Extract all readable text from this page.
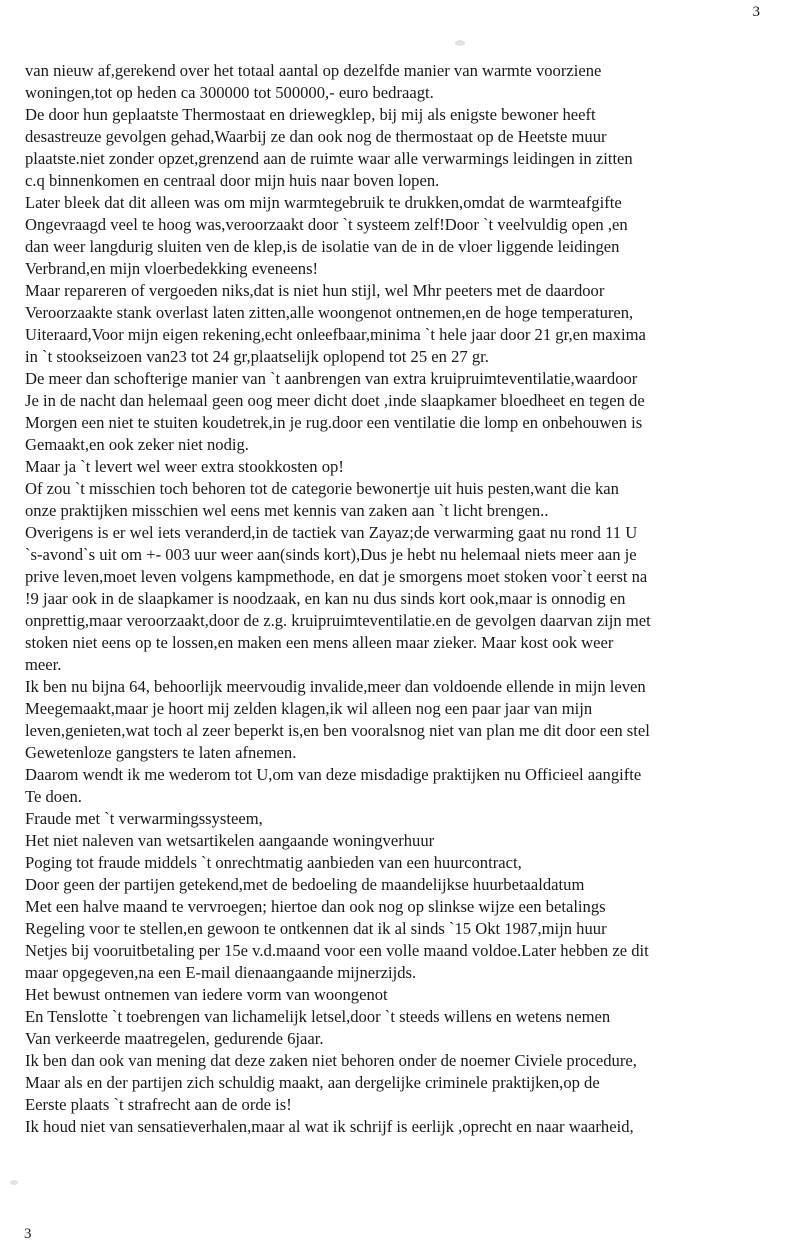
3

van nieuw af,gerekend over het totaal aantal op dezelfde manier van warmte voorziene
woningen,tot op heden ca 300000 tot 500000,- euro bedraagt.
De door hun geplaatste Thermostaat en driewegklep, bij mij als enigste bewoner heeft
desastreuze gevolgen gehad,Waarbij ze dan ook nog de thermostaat op de Heetste muur
plaatste.niet zonder opzet,grenzend aan de ruimte waar alle verwarmings leidingen in zitten
c.q binnenkomen en centraal door mijn huis naar boven lopen.
Later bleek dat dit alleen was om mijn warmtegebruik te drukken,omdat de warmteafgifte
Ongevraagd veel te hoog was,veroorzaakt door `t systeem zelf!Door `t veelvuldig open ,en
dan weer langdurig sluiten ven de klep,is de isolatie van de in de vloer liggende leidingen
Verbrand,en mijn vloerbedekking eveneens!
Maar repareren of vergoeden niks,dat is niet hun stijl, wel Mhr peeters met de daardoor
Veroorzaakte stank overlast laten zitten,alle woongenot ontnemen,en de hoge temperaturen,
Uiteraard,Voor mijn eigen rekening,echt onleefbaar,minima `t hele jaar door 21 gr,en maxima
in `t stookseizoen van23 tot 24 gr,plaatselijk oplopend tot 25 en 27 gr.
De meer dan schofterige manier van `t aanbrengen van extra kruipruimteventilatie,waardoor
Je in de nacht dan helemaal geen oog meer dicht doet ,inde slaapkamer bloedheet en tegen de
Morgen een niet te stuiten koudetrek,in je rug.door een ventilatie die lomp en onbehouwen is
Gemaakt,en ook zeker niet nodig.
Maar ja `t levert wel weer extra stookkosten op!
Of zou `t misschien toch behoren tot de categorie bewonertje uit huis pesten,want die kan
onze praktijken misschien wel eens met kennis van zaken aan `t licht brengen..
Overigens is er wel iets veranderd,in de tactiek van Zayaz;de verwarming gaat nu rond 11 U
`s-avond`s uit om +- 003 uur weer aan(sinds kort),Dus je hebt nu helemaal niets meer aan je
prive leven,moet leven volgens kampmethode, en dat je smorgens moet stoken voor`t eerst na
!9 jaar ook in de slaapkamer is noodzaak, en kan nu dus sinds kort ook,maar is onnodig en
onprettig,maar veroorzaakt,door de z.g. kruipruimteventilatie.en de gevolgen daarvan zijn met
stoken niet eens op te lossen,en maken een mens alleen maar zieker. Maar kost ook weer
meer.
Ik ben nu bijna 64, behoorlijk meervoudig invalide,meer dan voldoende ellende in mijn leven
Meegemaakt,maar je hoort mij zelden klagen,ik wil alleen nog een paar jaar van mijn
leven,genieten,wat toch al zeer beperkt is,en ben vooralsnog niet van plan me dit door een stel
Gewetenloze gangsters te laten afnemen.
Daarom wendt ik me wederom tot U,om van deze misdadige praktijken nu Officieel aangifte
Te doen.
Fraude met `t verwarmingssysteem,
Het niet naleven van wetsartikelen aangaande woningverhuur
Poging tot fraude middels `t onrechtmatig aanbieden van een huurcontract,
Door geen der partijen getekend,met de bedoeling de maandelijkse huurbetaaldatum
Met een halve maand te vervroegen; hiertoe dan ook nog op slinkse wijze een betalings
Regeling voor te stellen,en gewoon te ontkennen dat ik al sinds `15 Okt 1987,mijn huur
Netjes bij vooruitbetaling per 15e v.d.maand voor een volle maand voldoe.Later hebben ze dit
maar opgegeven,na een E-mail dienaangaande mijnerzijds.
Het bewust ontnemen van iedere vorm van woongenot
En Tenslotte `t toebrengen van lichamelijk letsel,door `t steeds willens en wetens nemen
Van verkeerde maatregelen, gedurende 6jaar.
Ik ben dan ook van mening dat deze zaken niet behoren onder de noemer Civiele procedure,
Maar als en der partijen zich schuldig maakt, aan dergelijke criminele praktijken,op de
Eerste plaats `t strafrecht aan de orde is!
Ik houd niet van sensatieverhalen,maar al wat ik schrijf is eerlijk ,oprecht en naar waarheid,

3
